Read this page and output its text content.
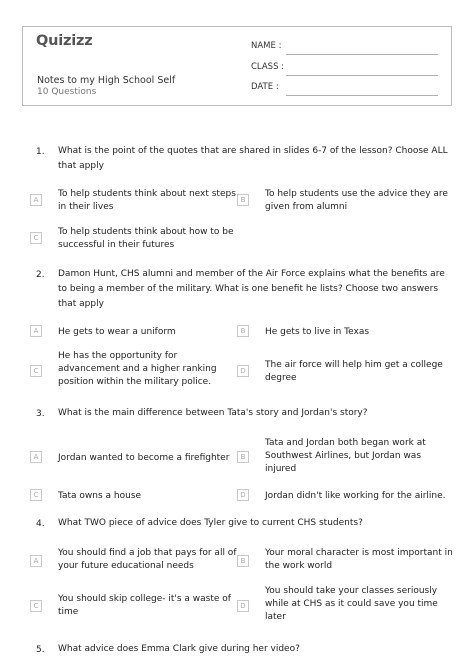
Quizizz
Notes to my High School Self
10 Questions
NAME :
CLASS :
DATE :
1. What is the point of the quotes that are shared in slides 6-7 of the lesson? Choose ALL that apply
A
To help students think about next steps in their lives
B
To help students use the advice they are given from alumni
C
To help students think about how to be successful in their futures
2. Damon Hunt, CHS alumni and member of the Air Force explains what the benefits are to being a member of the military. What is one benefit he lists? Choose two answers that apply
A	He gets to wear a uniform	B	He gets to live in Texas
C
He has the opportunity for advancement and a higher ranking position within the military police.
D
The air force will help him get a college degree
3. What is the main difference between Tata's story and Jordan's story?
A	Jordan wanted to become a firefighter	B
Tata and Jordan both began work at Southwest Airlines, but Jordan was injured
C	Tata owns a house	D	Jordan didn't like working for the airline.
4. What TWO piece of advice does Tyler give to current CHS students?
A
You should find a job that pays for all of your future educational needs	B
Your moral character is most important in the work world
C
You should skip college- it's a waste of time
D
You should take your classes seriously while at CHS as it could save you time later
5. What advice does Emma Clark give during her video?
